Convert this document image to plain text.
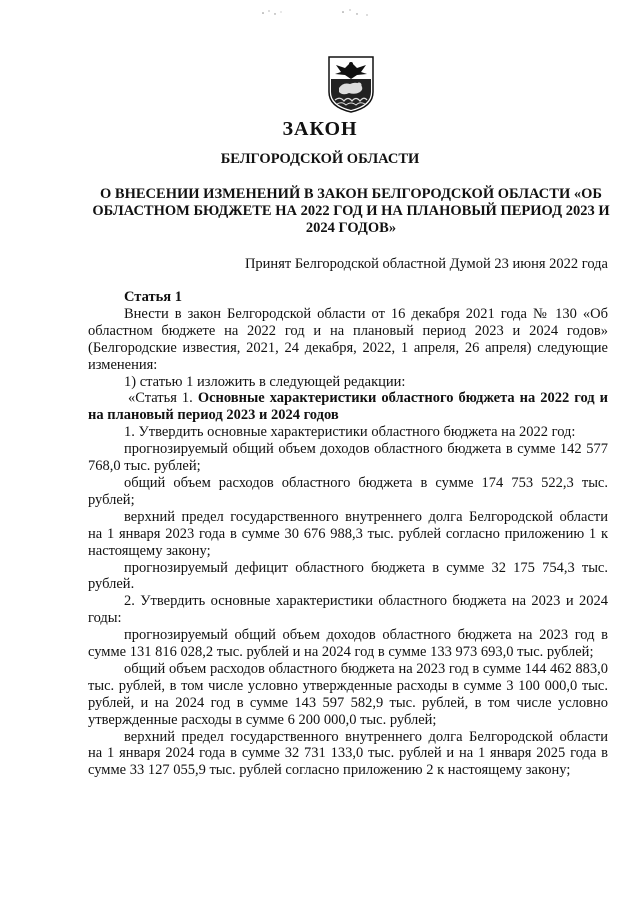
ЗАКОН
БЕЛГОРОДСКОЙ ОБЛАСТИ
О ВНЕСЕНИИ ИЗМЕНЕНИЙ В ЗАКОН БЕЛГОРОДСКОЙ ОБЛАСТИ «ОБ ОБЛАСТНОМ БЮДЖЕТЕ НА 2022 ГОД И НА ПЛАНОВЫЙ ПЕРИОД 2023 И 2024 ГОДОВ»
Принят Белгородской областной Думой 23 июня 2022 года
Статья 1

Внести в закон Белгородской области от 16 декабря 2021 года № 130 «Об областном бюджете на 2022 год и на плановый период 2023 и 2024 годов» (Белгородские известия, 2021, 24 декабря, 2022, 1 апреля, 26 апреля) следующие изменения:

1) статью 1 изложить в следующей редакции:

«Статья 1. Основные характеристики областного бюджета на 2022 год и на плановый период 2023 и 2024 годов

1. Утвердить основные характеристики областного бюджета на 2022 год:

прогнозируемый общий объем доходов областного бюджета в сумме 142 577 768,0 тыс. рублей;

общий объем расходов областного бюджета в сумме 174 753 522,3 тыс. рублей;

верхний предел государственного внутреннего долга Белгородской области на 1 января 2023 года в сумме 30 676 988,3 тыс. рублей согласно приложению 1 к настоящему закону;

прогнозируемый дефицит областного бюджета в сумме 32 175 754,3 тыс. рублей.

2. Утвердить основные характеристики областного бюджета на 2023 и 2024 годы:

прогнозируемый общий объем доходов областного бюджета на 2023 год в сумме 131 816 028,2 тыс. рублей и на 2024 год в сумме 133 973 693,0 тыс. рублей;

общий объем расходов областного бюджета на 2023 год в сумме 144 462 883,0 тыс. рублей, в том числе условно утвержденные расходы в сумме 3 100 000,0 тыс. рублей, и на 2024 год в сумме 143 597 582,9 тыс. рублей, в том числе условно утвержденные расходы в сумме 6 200 000,0 тыс. рублей;

верхний предел государственного внутреннего долга Белгородской области на 1 января 2024 года в сумме 32 731 133,0 тыс. рублей и на 1 января 2025 года в сумме 33 127 055,9 тыс. рублей согласно приложению 2 к настоящему закону;
